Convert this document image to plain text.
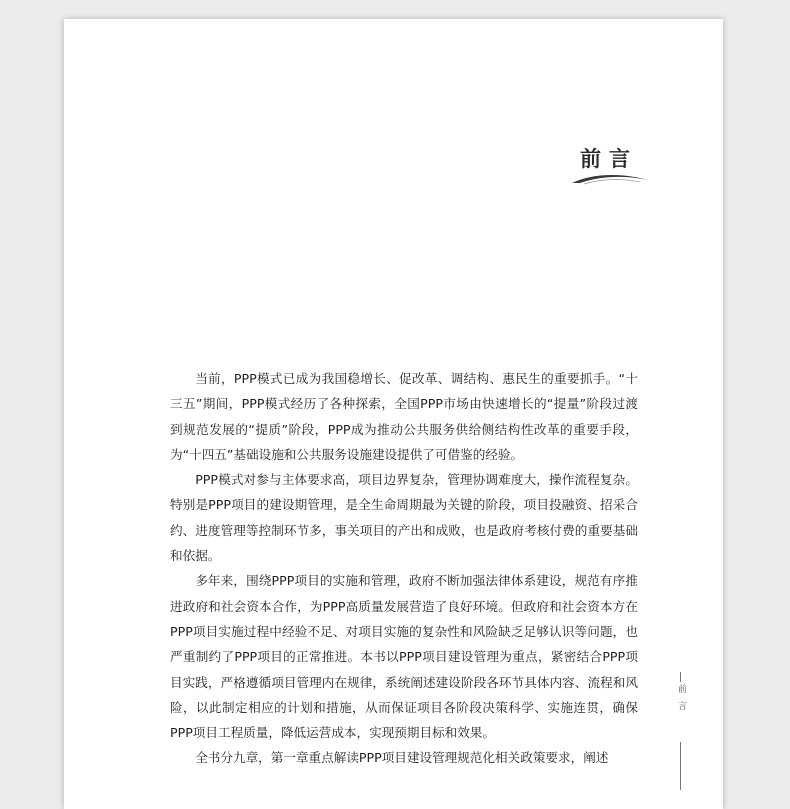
前言

当前，PPP模式已成为我国稳增长、促改革、调结构、惠民生的重要抓手。“十三五”期间，PPP模式经历了各种探索，全国PPP市场由快速增长的“提量”阶段过渡到规范发展的“提质”阶段，PPP成为推动公共服务供给侧结构性改革的重要手段，为“十四五”基础设施和公共服务设施建设提供了可借鉴的经验。

PPP模式对参与主体要求高，项目边界复杂，管理协调难度大，操作流程复杂。特别是PPP项目的建设期管理，是全生命周期最为关键的阶段，项目投融资、招采合约、进度管理等控制环节多，事关项目的产出和成败，也是政府考核付费的重要基础和依据。

多年来，围绕PPP项目的实施和管理，政府不断加强法律体系建设，规范有序推进政府和社会资本合作，为PPP高质量发展营造了良好环境。但政府和社会资本方在PPP项目实施过程中经验不足、对项目实施的复杂性和风险缺乏足够认识等问题，也严重制约了PPP项目的正常推进。本书以PPP项目建设管理为重点，紧密结合PPP项目实践，严格遵循项目管理内在规律，系统阐述建设阶段各环节具体内容、流程和风险，以此制定相应的计划和措施，从而保证项目各阶段决策科学、实施连贯，确保PPP项目工程质量，降低运营成本，实现预期目标和效果。

全书分九章，第一章重点解读PPP项目建设管理规范化相关政策要求，阐述

前言
